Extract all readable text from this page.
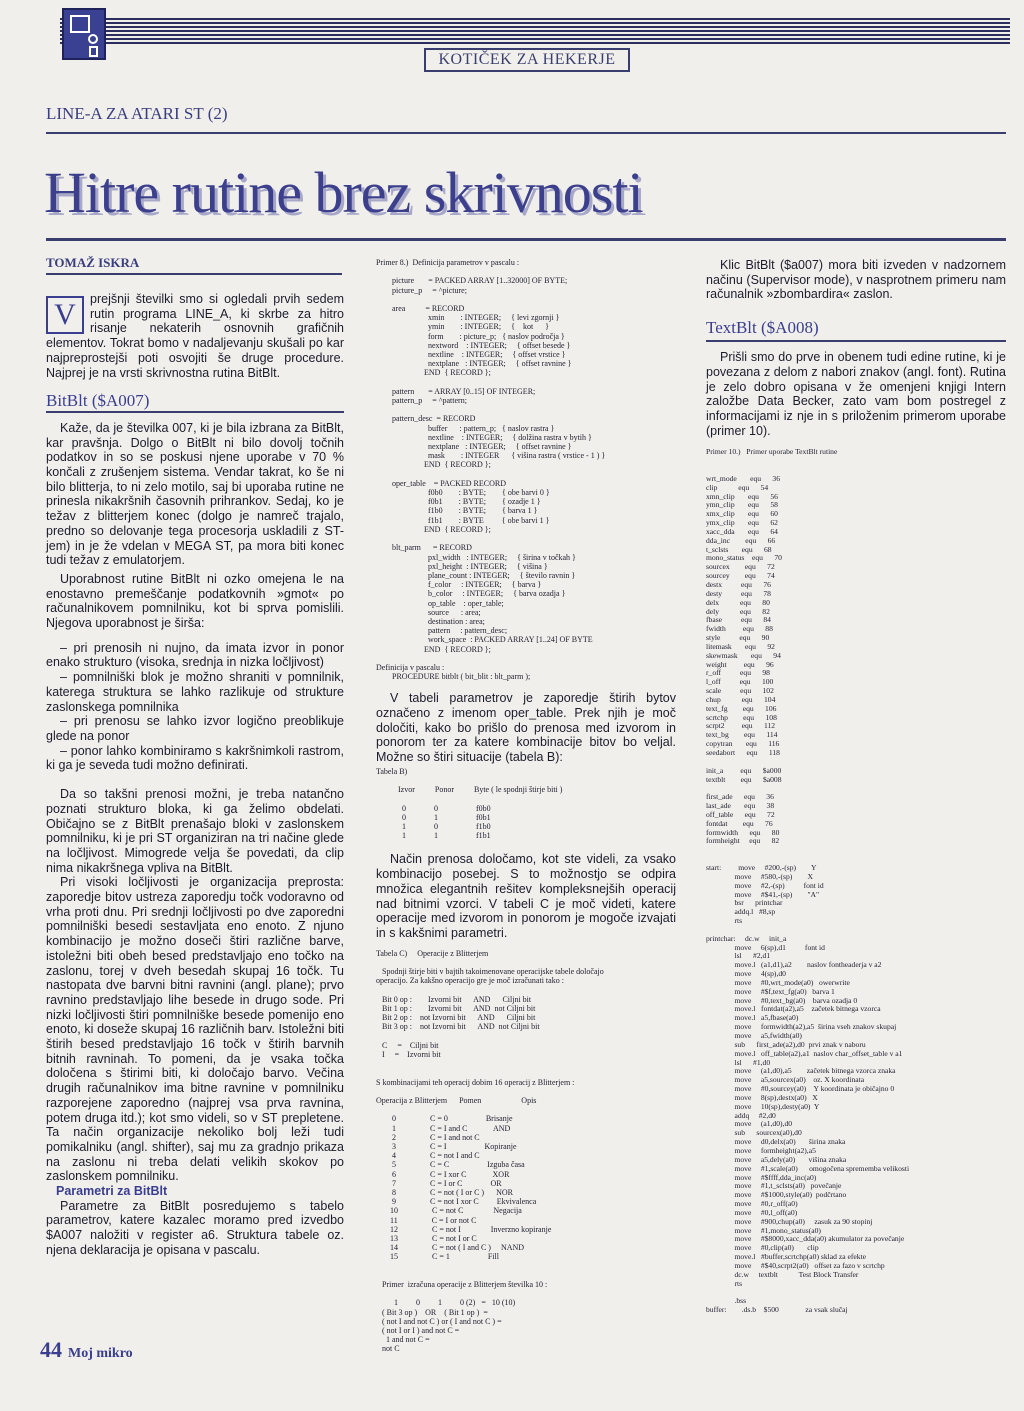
KOTIČEK ZA HEKERJE
LINE-A ZA ATARI ST (2)
Hitre rutine brez skrivnosti
TOMAŽ ISKRA

V	prejšnji številki smo si ogledali prvih sedem rutin programa LINE_A, ki skrbe za hitro risanje nekaterih osnovnih grafičnih elementov. Tokrat bomo v nadaljevanju skušali po kar najpreprostejši poti osvojiti še druge procedure. Najprej je na vrsti skrivnostna rutina BitBlt.

BitBlt ($A007)

Kaže, da je številka 007, ki je bila izbrana za BitBlt, kar pravšnja. Dolgo o BitBlt ni bilo dovolj točnih podatkov in so se poskusi njene uporabe v 70 % končali z zrušenjem sistema. Vendar takrat, ko še ni bilo blitterja, to ni zelo motilo, saj bi uporaba rutine ne prinesla nikakršnih časovnih prihrankov. Sedaj, ko je težav z blitterjem konec (dolgo je namreč trajalo, predno so delovanje tega procesorja uskladili z ST-jem) in je že vdelan v MEGA ST, pa mora biti konec tudi težav z emulatorjem.

Uporabnost rutine BitBlt ni ozko omejena le na enostavno premeščanje podatkovnih »gmot« po računalnikovem pomnilniku, kot bi sprva pomislili. Njegova uporabnost je širša:

– pri prenosih ni nujno, da imata izvor in ponor enako strukturo (visoka, srednja in nizka ločljivost)

– pomnilniški blok je možno shraniti v pomnilnik, katerega struktura se lahko razlikuje od strukture zaslonskega pomnilnika

– pri prenosu se lahko izvor logično preoblikuje glede na ponor

– ponor lahko kombiniramo s kakršnimkoli rastrom, ki ga je seveda tudi možno definirati.

Da so takšni prenosi možni, je treba natančno poznati strukturo bloka, ki ga želimo obdelati. Običajno se z BitBlt prenašajo bloki v zaslonskem pomnilniku, ki je pri ST organiziran na tri načine glede na ločljivost. Mimogrede velja še povedati, da clip nima nikakršnega vpliva na BitBlt.

Pri visoki ločljivosti je organizacija preprosta: zaporedje bitov ustreza zaporedju točk vodoravno od vrha proti dnu. Pri srednji ločljivosti po dve zaporedni pomnilniški besedi sestavljata eno enoto. Z njuno kombinacijo je možno doseči štiri različne barve, istoležni biti obeh besed predstavljajo eno točko na zaslonu, torej v dveh besedah skupaj 16 točk. Tu nastopata dve barvni bitni ravnini (angl. plane); prvo ravnino predstavljajo lihe besede in drugo sode. Pri nizki ločljivosti štiri pomnilniške besede pomenijo eno enoto, ki doseže skupaj 16 različnih barv. Istoležni biti štirih besed predstavljajo 16 točk v štirih barvnih bitnih ravninah. To pomeni, da je vsaka točka določena s štirimi biti, ki določajo barvo. Večina drugih računalnikov ima bitne ravnine v pomnilniku razporejene zaporedno (najprej vsa prva ravnina, potem druga itd.); kot smo videli, so v ST prepletene. Ta način organizacije nekoliko bolj leži tudi pomikalniku (angl. shifter), saj mu za gradnjo prikaza na zaslonu ni treba delati velikih skokov po zaslonskem pomnilniku.

Parametri za BitBlt

Parametre za BitBlt posredujemo s tabelo parametrov, katere kazalec moramo pred izvedbo $A007 naložiti v register a6. Struktura tabele oz. njena deklaracija je opisana v pascalu.

44 Moj mikro
Primer 8.)  Definicija parametrov v pascalu :

picture       = PACKED ARRAY [1..32000] OF BYTE;
picture_p     = ^picture;

area          = RECORD
xmin        : INTEGER;     { levi zgornji }
ymin        : INTEGER;     {    kot      }
form        : picture_p;   { naslov področja }
nextword    : INTEGER;     { offset besede }
nextline    : INTEGER;     { offset vrstice }
nextplane   : INTEGER;     { offset ravnine }
END  { RECORD };

pattern       = ARRAY [0..15] OF INTEGER;
pattern_p     = ^pattern;

pattern_desc  = RECORD
buffer      : pattern_p;   { naslov rastra }
nextline    : INTEGER;     { dolžina rastra v bytih }
nextplane   : INTEGER;     { offset ravnine }
mask        : INTEGER      { višina rastra ( vrstice - 1 ) }
END  { RECORD };

oper_table    = PACKED RECORD
f0b0        : BYTE;        { obe barvi 0 }
f0b1        : BYTE;        { ozadje 1 }
f1b0        : BYTE;        { barva 1 }
f1b1        : BYTE         { obe barvi 1 }
END  { RECORD };

blt_parm      = RECORD
pxl_width   : INTEGER;     { širina v točkah }
pxl_height  : INTEGER;     { višina }
plane_count : INTEGER;     { število ravnin }
f_color     : INTEGER;     { barva }
b_color     : INTEGER;     { barva ozadja }
op_table    : oper_table;
source      : area;
destination : area;
pattern     : pattern_desc;
work_space  : PACKED ARRAY [1..24] OF BYTE
END  { RECORD };

Definicija v pascalu :
PROCEDURE bitblt ( bit_blit : blt_parm );

V tabeli parametrov je zaporedje štirih bytov označeno z imenom oper_table. Prek njih je moč določiti, kako bo prišlo do prenosa med izvorom in ponorom ter za katere kombinacije bitov bo veljal. Možne so štiri situacije (tabela B):

Tabela B)

Izvor          Ponor          Byte ( le spodnji štirje biti )

0              0                   f0b0
0              1                   f0b1
1              0                   f1b0
1              1                   f1b1

Način prenosa določamo, kot ste videli, za vsako kombinacijo posebej. S to možnostjo se odpira množica elegantnih rešitev kompleksnejših operacij nad bitnimi vzorci. V tabeli C je moč videti, katere operacije med izvorom in ponorom je mogoče izvajati in s kakšnimi parametri.

Tabela C)     Operacije z Blitterjem

Spodnji štirje biti v bajtih takoimenovane operacijske tabele določajo
operacijo. Za kakšno operacijo gre je moč izračunati tako :

Bit 0 op :        Izvorni bit      AND      Ciljni bit
Bit 1 op :        Izvorni bit      AND  not Ciljni bit
Bit 2 op :    not Izvorni bit      AND      Ciljni bit
Bit 3 op :    not Izvorni bit      AND  not Ciljni bit

C     =    Ciljni bit
I     =    Izvorni bit

S kombinacijami teh operacij dobim 16 operacij z Blitterjem :

Operacija z Blitterjem      Pomen                    Opis

0                 C = 0                   Brisanje
1                 C = I and C             AND
2                 C = I and not C
3                 C = I                   Kopiranje
4                 C = not I and C
5                 C = C                   Izguba časa
6                 C = I xor C             XOR
7                 C = I or C              OR
8                 C = not ( I or C )      NOR
9                 C = not I xor C         Ekvivalenca
10                 C = not C               Negacija
11                 C = I or not C
12                 C = not I               Inverzno kopiranje
13                 C = not I or C
14                 C = not ( I and C )     NAND
15                 C = 1                   Fill

Primer  izračuna operacije z Blitterjem številka 10 :

1         0         1         0 (2)   =   10 (10)
( Bit 3 op )    OR    ( Bit 1 op )  =
( not I and not C ) or ( I and not C ) =
( not I or I ) and not C =
1 and not C =
not C

Klic BitBlt ($a007) mora biti izveden v nadzornem načinu (Supervisor mode), v nasprotnem primeru nam računalnik »zbombardira« zaslon.

TextBlt ($A008)

Prišli smo do prve in obenem tudi edine rutine, ki je povezana z delom z nabori znakov (angl. font). Rutina je zelo dobro opisana v že omenjeni knjigi Intern založbe Data Becker, zato vam bom postregel z informacijami iz nje in s priloženim primerom uporabe (primer 10).

Primer 10.)   Primer uporabe TextBlt rutine

wrt_mode       equ      36
clip           equ      54
xmn_clip       equ      56
ymn_clip       equ      58
xmx_clip       equ      60
ymx_clip       equ      62
xacc_dda       equ      64
dda_inc        equ      66
t_sclsts       equ      68
mono_status    equ      70
sourcex        equ      72
sourcey        equ      74
destx          equ      76
desty          equ      78
delx           equ      80
dely           equ      82
fbase          equ      84
fwidth         equ      88
style          equ      90
litemask       equ      92
skewmask       equ      94
weight         equ      96
r_off          equ      98
l_off          equ      100
scale          equ      102
chup           equ      104
text_fg        equ      106
scrtchp        equ      108
scrpt2         equ      112
text_bg        equ      114
copytran       equ      116
seedabort      equ      118

init_a         equ      $a000
textblt        equ      $a008

first_ade      equ      36
last_ade       equ      38
off_table      equ      72
fontdat        equ      76
formwidth      equ      80
formheight     equ      82

start:         move     #200,-(sp)        Y
move     #580,-(sp)        X
move     #2,-(sp)          font id
move     #$41,-(sp)        "A"
bsr      printchar
addq.l   #8,sp
rts

printchar:     dc.w     init_a
move     6(sp),d1          font id
lsl      #2,d1
move.l   (a1,d1),a2        naslov fontheaderja v a2
move     4(sp),d0
move     #0,wrt_mode(a0)   owerwrite
move     #$f,text_fg(a0)   barva 1
move     #0,text_bg(a0)    barva ozadja 0
move.l   fontdat(a2),a5    začetek bitnega vzorca
move.l   a5,fbase(a0)
move     formwidth(a2),a5  širina vseh znakov skupaj
move     a5,fwidth(a0)
sub      first_ade(a2),d0  prvi znak v naboru
move.l   off_table(a2),a1  naslov char_offset_table v a1
lsl      #1,d0
move     (a1,d0),a5        začetek bitnega vzorca znaka
move     a5,sourcex(a0)    oz. X koordinata
move     #0,sourcey(a0)    Y koordinata je običajno 0
move     8(sp),destx(a0)   X
move     10(sp),desty(a0)  Y
addq     #2,d0
move     (a1,d0),d0
sub      sourcex(a0),d0
move     d0,delx(a0)       širina znaka
move     formheight(a2),a5
move     a5,dely(a0)       višina znaka
move     #1,scale(a0)      omogočena sprememba velikosti
move     #$ffff,dda_inc(a0)
move     #1,t_sclsts(a0)   povečanje
move     #$1000,style(a0)  podčrtano
move     #0,r_off(a0)
move     #0,l_off(a0)
move     #900,chup(a0)     zasuk za 90 stopinj
move     #1,mono_status(a0)
move     #$8000,xacc_dda(a0) akumulator za povečanje
move     #0,clip(a0)       clip
move.l   #buffer,scrtchp(a0) sklad za efekte
move     #$40,scrpt2(a0)   offset za fazo v scrtchp
dc.w     textblt           Test Block Transfer
rts

.bss
buffer:        .ds.b    $500              za vsak slučaj
